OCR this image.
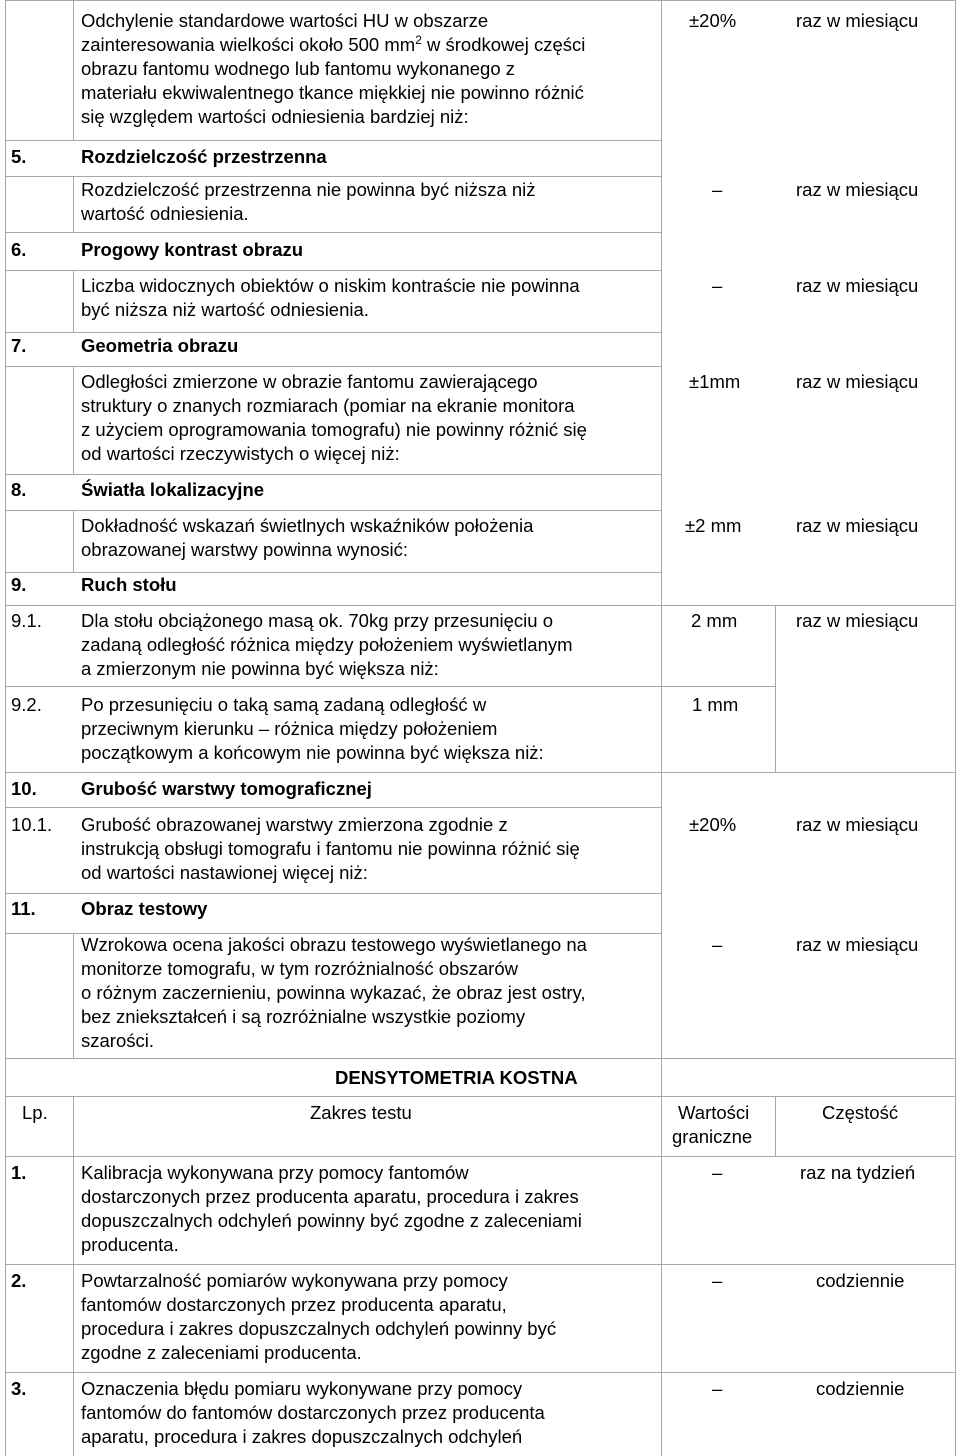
Odchylenie standardowe wartości HU w obszarze
zainteresowania wielkości około 500 $mm^2$ w środkowej części
obrazu fantomu wodnego lub fantomu wykonanego z
materiału ekwiwalentnego tkance miękkiej nie powinno różnić
się względem wartości odniesienia bardziej niż:
±20%	raz w miesiącu
5.	Rozdzielczość przestrzenna
Rozdzielczość przestrzenna nie powinna być niższa niż
wartość odniesienia.
–	raz w miesiącu
6.	Progowy kontrast obrazu
Liczba widocznych obiektów o niskim kontraście nie powinna
być niższa niż wartość odniesienia.
–	raz w miesiącu
7.	Geometria obrazu
Odległości zmierzone w obrazie fantomu zawierającego
struktury o znanych rozmiarach (pomiar na ekranie monitora
z użyciem oprogramowania tomografu) nie powinny różnić się
od wartości rzeczywistych o więcej niż:
±1mm	raz w miesiącu
8.	Światła lokalizacyjne
Dokładność wskazań świetlnych wskaźników położenia
obrazowanej warstwy powinna wynosić:
±2 mm	raz w miesiącu
9.	Ruch stołu
9.1. Dla stołu obciążonego masą ok. 70kg przy przesunięciu o
zadaną odległość różnica między położeniem wyświetlanym
a zmierzonym nie powinna być większa niż:
2 mm	raz w miesiącu
9.2. Po przesunięciu o taką samą zadaną odległość w
przeciwnym kierunku – różnica między położeniem
początkowym a końcowym nie powinna być większa niż:
1 mm
10. Grubość warstwy tomograficznej
10.1. Grubość obrazowanej warstwy zmierzona zgodnie z
instrukcją obsługi tomografu i fantomu nie powinna różnić się
od wartości nastawionej więcej niż:
±20%	raz w miesiącu
11. Obraz testowy
Wzrokowa ocena jakości obrazu testowego wyświetlanego na
monitorze tomografu, w tym rozróżnialność obszarów
o różnym zaczernieniu, powinna wykazać, że obraz jest ostry,
bez zniekształceń i są rozróżnialne wszystkie poziomy
szarości.
–	raz w miesiącu
DENSYTOMETRIA KOSTNA
Lp.	Zakres testu	Wartości
graniczne
Częstość
1.	Kalibracja wykonywana przy pomocy fantomów
dostarczonych przez producenta aparatu, procedura i zakres
dopuszczalnych odchyleń powinny być zgodne z zaleceniami
producenta.
–	raz na tydzień
2.	Powtarzalność pomiarów wykonywana przy pomocy
fantomów dostarczonych przez producenta aparatu,
procedura i zakres dopuszczalnych odchyleń powinny być
zgodne z zaleceniami producenta.
–	codziennie
3.	Oznaczenia błędu pomiaru wykonywane przy pomocy
fantomów do fantomów dostarczonych przez producenta
aparatu, procedura i zakres dopuszczalnych odchyleń
–	codziennie
